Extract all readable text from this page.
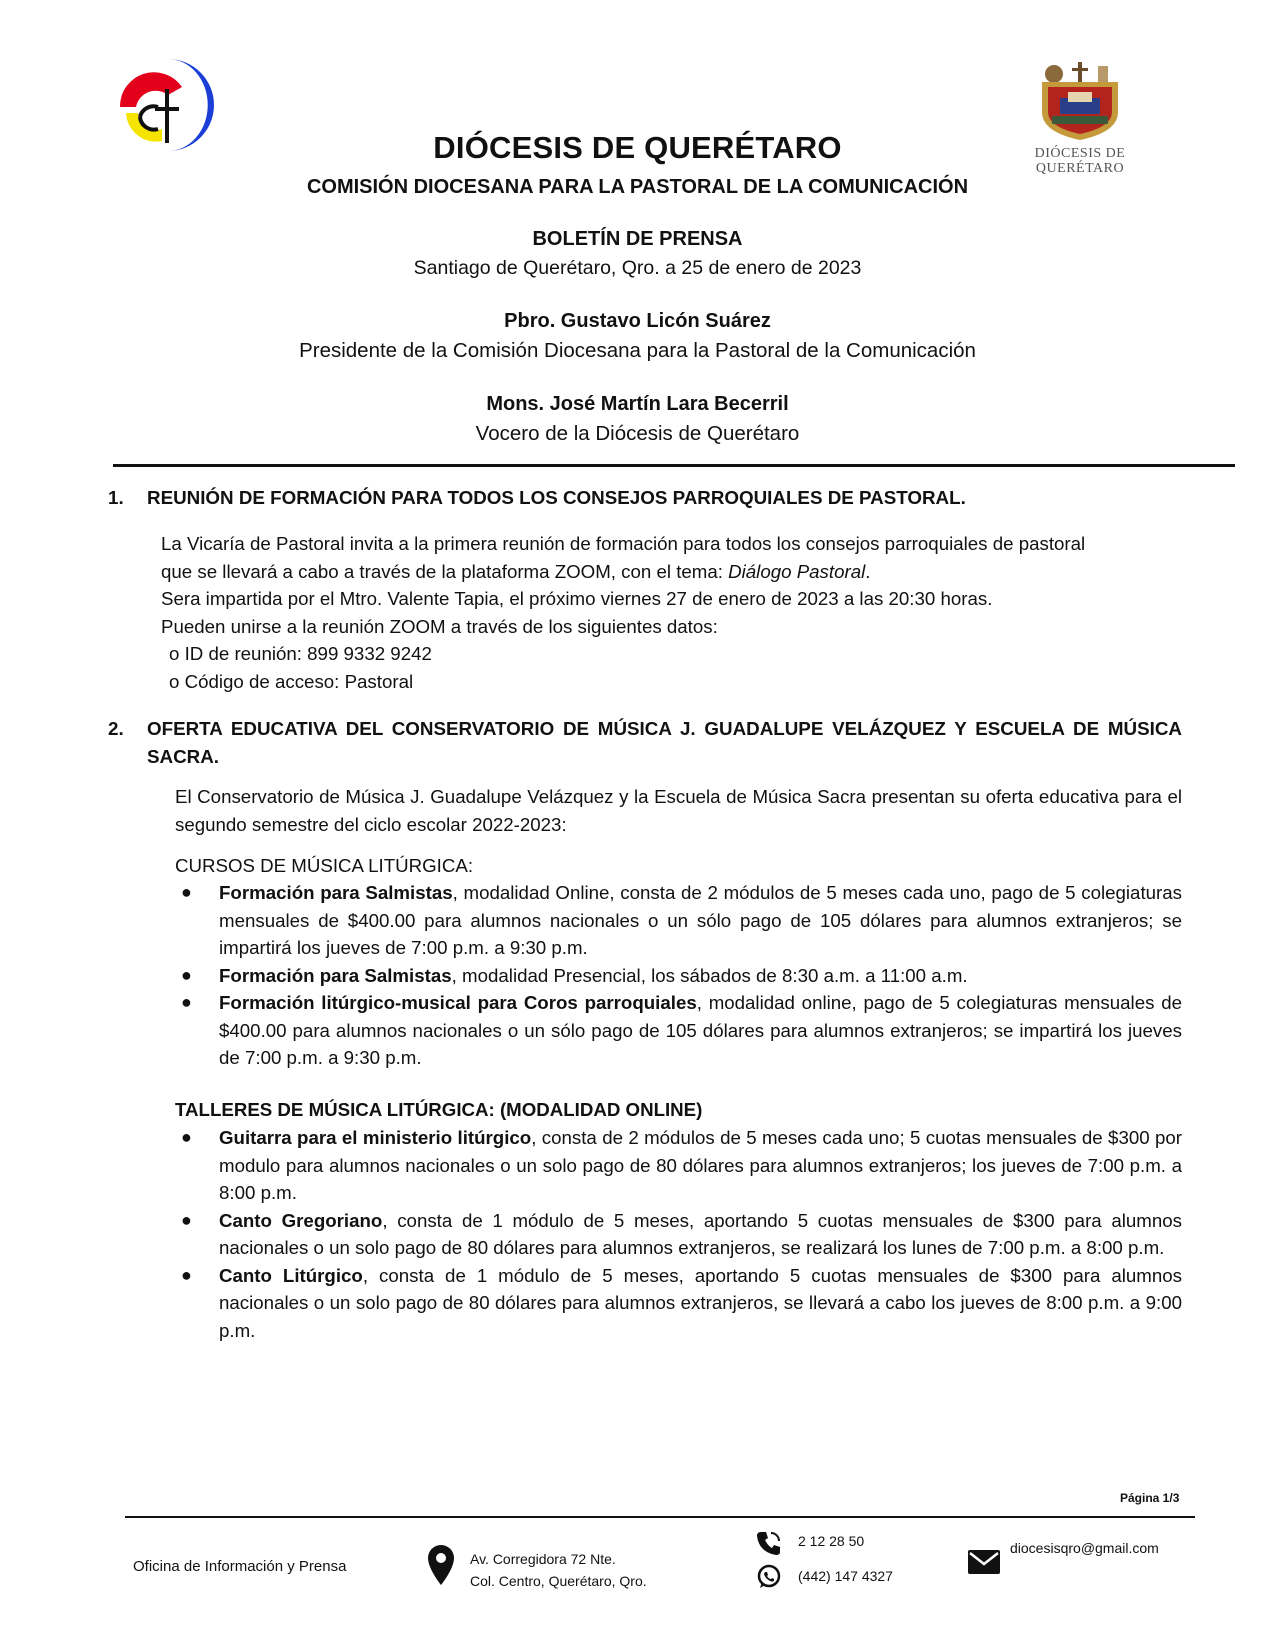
DIÓCESIS DE
QUERÉTARO
DIÓCESIS DE QUERÉTARO
COMISIÓN DIOCESANA PARA LA PASTORAL DE LA COMUNICACIÓN
BOLETÍN DE PRENSA
Santiago de Querétaro, Qro. a 25 de enero de 2023
Pbro. Gustavo Licón Suárez
Presidente de la Comisión Diocesana para la Pastoral de la Comunicación
Mons. José Martín Lara Becerril
Vocero de la Diócesis de Querétaro
1. REUNIÓN DE FORMACIÓN PARA TODOS LOS CONSEJOS PARROQUIALES DE PASTORAL.
La Vicaría de Pastoral invita a la primera reunión de formación para todos los consejos parroquiales de pastoral
que se llevará a cabo a través de la plataforma ZOOM, con el tema: Diálogo Pastoral.
Sera impartida por el Mtro. Valente Tapia, el próximo viernes 27 de enero de 2023 a las 20:30 horas.
Pueden unirse a la reunión ZOOM a través de los siguientes datos:
o ID de reunión: 899 9332 9242
o Código de acceso: Pastoral
2. OFERTA EDUCATIVA DEL CONSERVATORIO DE MÚSICA J. GUADALUPE VELÁZQUEZ Y ESCUELA DE MÚSICA SACRA.
El Conservatorio de Música J. Guadalupe Velázquez y la Escuela de Música Sacra presentan su oferta educativa para el segundo semestre del ciclo escolar 2022-2023:
CURSOS DE MÚSICA LITÚRGICA:
● Formación para Salmistas, modalidad Online, consta de 2 módulos de 5 meses cada uno, pago de 5 colegiaturas mensuales de $400.00 para alumnos nacionales o un sólo pago de 105 dólares para alumnos extranjeros; se impartirá los jueves de 7:00 p.m. a 9:30 p.m.
● Formación para Salmistas, modalidad Presencial, los sábados de 8:30 a.m. a 11:00 a.m.
● Formación litúrgico-musical para Coros parroquiales, modalidad online, pago de 5 colegiaturas mensuales de $400.00 para alumnos nacionales o un sólo pago de 105 dólares para alumnos extranjeros; se impartirá los jueves de 7:00 p.m. a 9:30 p.m.
TALLERES DE MÚSICA LITÚRGICA: (MODALIDAD ONLINE)
● Guitarra para el ministerio litúrgico, consta de 2 módulos de 5 meses cada uno; 5 cuotas mensuales de $300 por modulo para alumnos nacionales o un solo pago de 80 dólares para alumnos extranjeros; los jueves de 7:00 p.m. a 8:00 p.m.
● Canto Gregoriano, consta de 1 módulo de 5 meses, aportando 5 cuotas mensuales de $300 para alumnos nacionales o un solo pago de 80 dólares para alumnos extranjeros, se realizará los lunes de 7:00 p.m. a 8:00 p.m.
● Canto Litúrgico, consta de 1 módulo de 5 meses, aportando 5 cuotas mensuales de $300 para alumnos nacionales o un solo pago de 80 dólares para alumnos extranjeros, se llevará a cabo los jueves de 8:00 p.m. a 9:00 p.m.
Página 1/3
Oficina de Información y Prensa	Av. Corregidora 72 Nte.
Col. Centro, Querétaro, Qro.
2 12 28 50
(442) 147 4327
diocesisqro@gmail.com
